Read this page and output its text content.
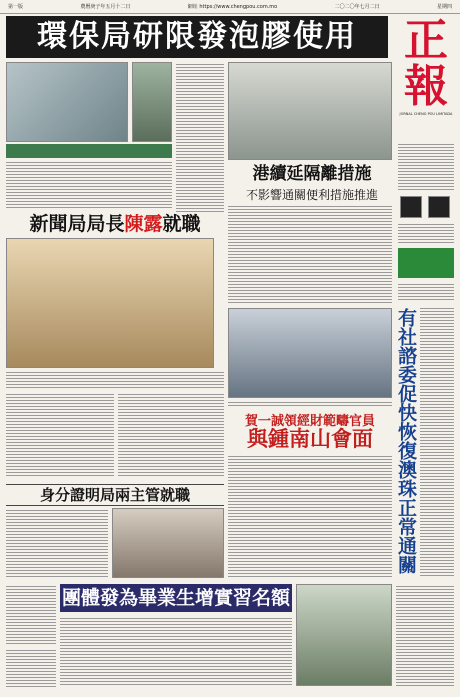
第一版	農曆庚子年五月十二日	網址 https://www.chengpou.com.mo	二〇二〇年七月二日	星期四
環保局研限發泡膠使用	正
報
JORNAL CHENG POU LIMITADA
港續延隔離措施
不影響通關便利措施推進
新聞局局長陳露就職
賀一誠領經財範疇官員
與鍾南山會面	有社諮委促快恢復澳珠正常通關
身分證明局兩主管就職
團體發為畢業生增實習名額
